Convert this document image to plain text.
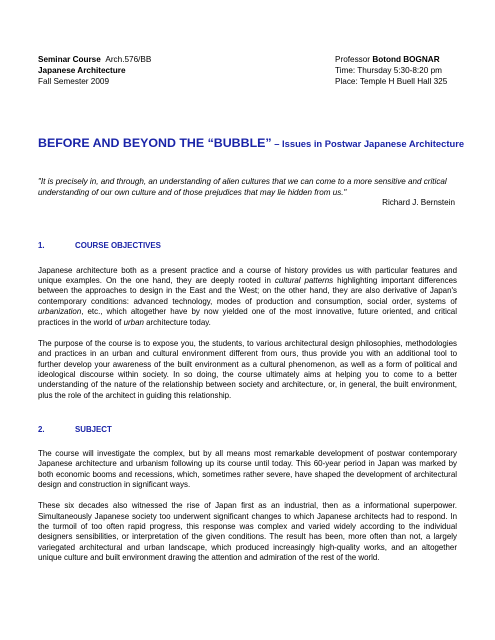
Seminar Course Arch.576/BB
Japanese Architecture
Fall Semester 2009
Professor Botond BOGNAR
Time: Thursday 5:30-8:20 pm
Place: Temple H Buell Hall 325
BEFORE AND BEYOND THE “BUBBLE” – Issues in Postwar Japanese Architecture
"It is precisely in, and through, an understanding of alien cultures that we can come to a more sensitive and critical understanding of our own culture and of those prejudices that may lie hidden from us."
Richard J. Bernstein
1.	COURSE OBJECTIVES

Japanese architecture both as a present practice and a course of history provides us with particular features and unique examples. On the one hand, they are deeply rooted in cultural patterns highlighting important differences between the approaches to design in the East and the West; on the other hand, they are also derivative of Japan's contemporary conditions: advanced technology, modes of production and consumption, social order, systems of urbanization, etc., which altogether have by now yielded one of the most innovative, future oriented, and critical practices in the world of urban architecture today.

The purpose of the course is to expose you, the students, to various architectural design philosophies, methodologies and practices in an urban and cultural environment different from ours, thus provide you with an additional tool to further develop your awareness of the built environment as a cultural phenomenon, as well as a form of political and ideological discourse within society. In so doing, the course ultimately aims at helping you to come to a better understanding of the nature of the relationship between society and architecture, or, in general, the built environment, plus the role of the architect in guiding this relationship.

2.	SUBJECT

The course will investigate the complex, but by all means most remarkable development of postwar contemporary Japanese architecture and urbanism following up its course until today. This 60-year period in Japan was marked by both economic booms and recessions, which, sometimes rather severe, have shaped the development of architectural design and construction in significant ways.

These six decades also witnessed the rise of Japan first as an industrial, then as a informational superpower. Simultaneously Japanese society too underwent significant changes to which Japanese architects had to respond. In the turmoil of too often rapid progress, this response was complex and varied widely according to the individual designers sensibilities, or interpretation of the given conditions. The result has been, more often than not, a largely variegated architectural and urban landscape, which produced increasingly high-quality works, and an altogether unique culture and built environment drawing the attention and admiration of the rest of the world.
